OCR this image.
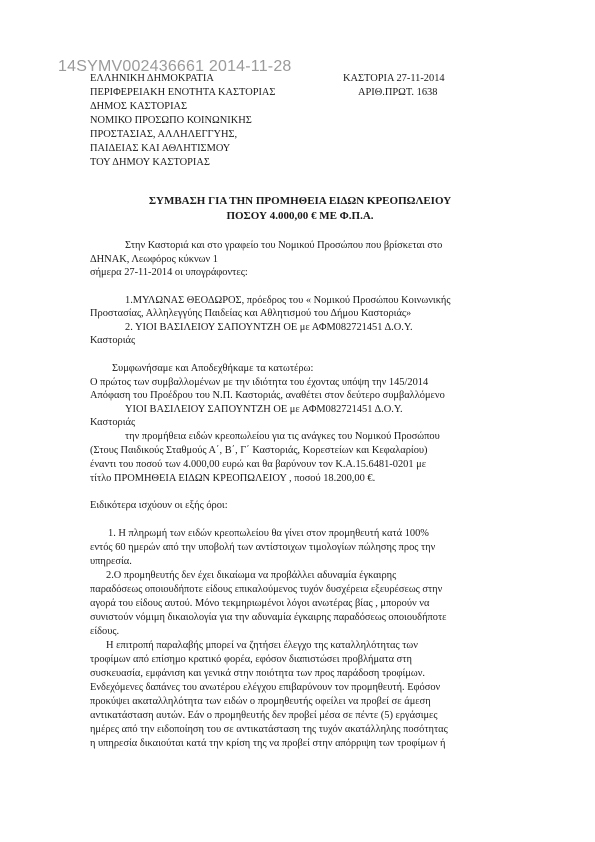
14SYMV002436661 2014-11-28
ΕΛΛΗΝΙΚΗ ΔΗΜΟΚΡΑΤΙΑ
ΠΕΡΙΦΕΡΕΙΑΚΗ ΕΝΟΤΗΤΑ ΚΑΣΤΟΡΙΑΣ
ΔΗΜΟΣ ΚΑΣΤΟΡΙΑΣ
ΝΟΜΙΚΟ ΠΡΟΣΩΠΟ ΚΟΙΝΩΝΙΚΗΣ
ΠΡΟΣΤΑΣΙΑΣ, ΑΛΛΗΛΕΓΓΥΗΣ,
ΠΑΙΔΕΙΑΣ ΚΑΙ ΑΘΛΗΤΙΣΜΟΥ
ΤΟΥ ΔΗΜΟΥ ΚΑΣΤΟΡΙΑΣ
ΚΑΣΤΟΡΙΑ 27-11-2014
ΑΡΙΘ.ΠΡΩΤ. 1638
ΣΥΜΒΑΣΗ ΓΙΑ ΤΗΝ ΠΡΟΜΗΘΕΙΑ ΕΙΔΩΝ ΚΡΕΟΠΩΛΕΙΟΥ
ΠΟΣΟΥ 4.000,00 € ΜΕ Φ.Π.Α.
Στην Καστοριά και στο γραφείο του Νομικού Προσώπου που βρίσκεται στο
ΔΗΝΑΚ, Λεωφόρος κύκνων 1
σήμερα 27-11-2014 οι υπογράφοντες:
1.ΜΥΛΩΝΑΣ ΘΕΟΔΩΡΟΣ, πρόεδρος του « Νομικού Προσώπου Κοινωνικής
Προστασίας, Αλληλεγγύης Παιδείας και Αθλητισμού του Δήμου Καστοριάς»
2. ΥΙΟΙ ΒΑΣΙΛΕΙΟΥ ΣΑΠΟΥΝΤΖΗ ΟΕ με ΑΦΜ082721451 Δ.Ο.Υ.
Καστοριάς
Συμφωνήσαμε και Αποδεχθήκαμε τα κατωτέρω:
Ο πρώτος των συμβαλλομένων με την ιδιότητα του έχοντας υπόψη την 145/2014
Απόφαση του Προέδρου του Ν.Π. Καστοριάς, αναθέτει στον δεύτερο συμβαλλόμενο
ΥΙΟΙ ΒΑΣΙΛΕΙΟΥ ΣΑΠΟΥΝΤΖΗ ΟΕ με ΑΦΜ082721451 Δ.Ο.Υ.
Καστοριάς
την προμήθεια ειδών κρεοπωλείου για τις ανάγκες του Νομικού Προσώπου
(Στους Παιδικούς Σταθμούς Α΄, Β΄, Γ΄ Καστοριάς, Κορεστείων και Κεφαλαρίου)
έναντι του ποσού των 4.000,00 ευρώ και θα βαρύνουν τον Κ.Α.15.6481-0201 με
τίτλο ΠΡΟΜΗΘΕΙΑ ΕΙΔΩΝ ΚΡΕΟΠΩΛΕΙΟΥ , ποσού 18.200,00 €.
Ειδικότερα ισχύουν οι εξής όροι:
1. Η πληρωμή των ειδών κρεοπωλείου θα γίνει στον προμηθευτή κατά 100%
εντός 60 ημερών από την υποβολή των αντίστοιχων τιμολογίων πώλησης προς την
υπηρεσία.
2.Ο προμηθευτής δεν έχει δικαίωμα να προβάλλει αδυναμία έγκαιρης
παραδόσεως οποιουδήποτε είδους επικαλούμενος τυχόν δυσχέρεια εξευρέσεως στην
αγορά του είδους αυτού. Μόνο τεκμηριωμένοι λόγοι ανωτέρας βίας , μπορούν να
συνιστούν νόμιμη δικαιολογία για την αδυναμία έγκαιρης παραδόσεως οποιουδήποτε
είδους.
Η επιτροπή παραλαβής μπορεί να ζητήσει έλεγχο της καταλληλότητας των
τροφίμων από επίσημο κρατικό φορέα, εφόσον διαπιστώσει προβλήματα στη
συσκευασία, εμφάνιση και γενικά στην ποιότητα των προς παράδοση τροφίμων.
Ενδεχόμενες δαπάνες του ανωτέρου ελέγχου επιβαρύνουν τον προμηθευτή. Εφόσον
προκύψει ακαταλληλότητα των ειδών ο προμηθευτής οφείλει να προβεί σε άμεση
αντικατάσταση αυτών. Εάν ο προμηθευτής δεν προβεί μέσα σε πέντε (5) εργάσιμες
ημέρες από την ειδοποίηση του σε αντικατάσταση της τυχόν ακατάλληλης ποσότητας
η υπηρεσία δικαιούται κατά την κρίση της να προβεί στην απόρριψη των τροφίμων ή
